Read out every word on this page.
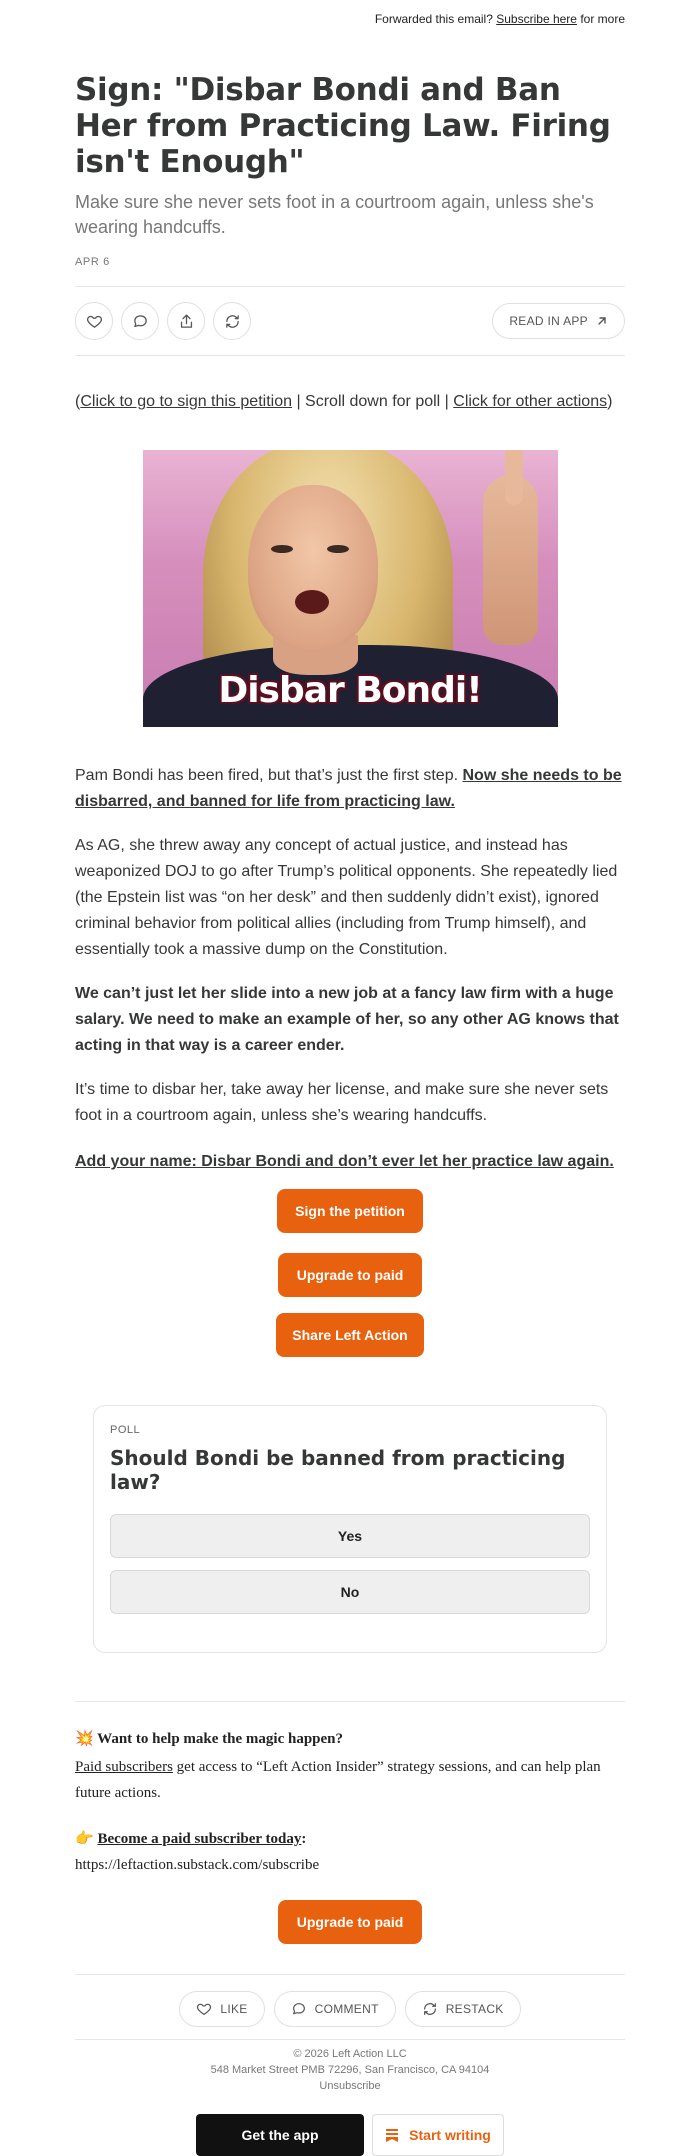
Forwarded this email? Subscribe here for more
Sign: "Disbar Bondi and Ban Her from Practicing Law. Firing isn't Enough"
Make sure she never sets foot in a courtroom again, unless she's wearing handcuffs.
APR 6
READ IN APP
(Click to go to sign this petition | Scroll down for poll | Click for other actions)
Disbar Bondi!

Pam Bondi has been fired, but that’s just the first step. Now she needs to be disbarred, and banned for life from practicing law.

As AG, she threw away any concept of actual justice, and instead has weaponized DOJ to go after Trump’s political opponents. She repeatedly lied (the Epstein list was “on her desk” and then suddenly didn’t exist), ignored criminal behavior from political allies (including from Trump himself), and essentially took a massive dump on the Constitution.

We can’t just let her slide into a new job at a fancy law firm with a huge salary. We need to make an example of her, so any other AG knows that acting in that way is a career ender.

It’s time to disbar her, take away her license, and make sure she never sets foot in a courtroom again, unless she’s wearing handcuffs.

Add your name: Disbar Bondi and don’t ever let her practice law again.

Sign the petition
Upgrade to paid
Share Left Action
POLL
Should Bondi be banned from practicing law?
Yes
No
💥 Want to help make the magic happen?
Paid subscribers get access to “Left Action Insider” strategy sessions, and can help plan future actions.
👉 Become a paid subscriber today:
https://leftaction.substack.com/subscribe
Upgrade to paid
LIKE	COMMENT	RESTACK
© 2026 Left Action LLC
548 Market Street PMB 72296, San Francisco, CA 94104
Unsubscribe
Get the app	Start writing
